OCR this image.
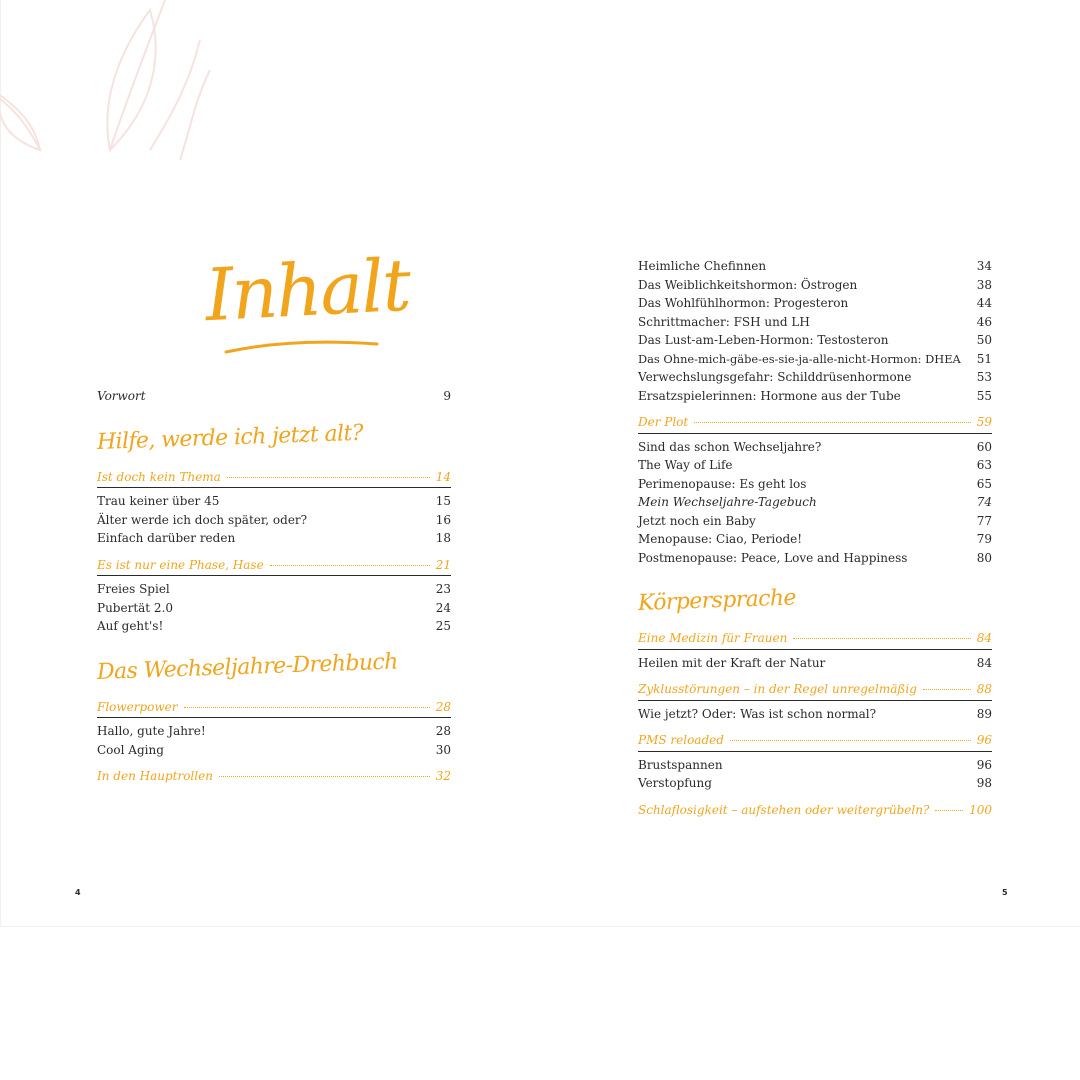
Inhalt
Vorwort	9
Hilfe, werde ich jetzt alt?
Ist doch kein Thema	14
Trau keiner über 45	15
Älter werde ich doch später, oder?	16
Einfach darüber reden	18
Es ist nur eine Phase, Hase	21
Freies Spiel	23
Pubertät 2.0	24
Auf geht's!	25
Das Wechseljahre-Drehbuch
Flowerpower	28
Hallo, gute Jahre!	28
Cool Aging	30
In den Hauptrollen	32
Heimliche Chefinnen	34
Das Weiblichkeitshormon: Östrogen	38
Das Wohlfühlhormon: Progesteron	44
Schrittmacher: FSH und LH	46
Das Lust-am-Leben-Hormon: Testosteron	50
Das Ohne-mich-gäbe-es-sie-ja-alle-nicht-Hormon: DHEA 51
Verwechslungsgefahr: Schilddrüsenhormone	53
Ersatzspielerinnen: Hormone aus der Tube	55
Der Plot	59
Sind das schon Wechseljahre?	60
The Way of Life	63
Perimenopause: Es geht los	65
Mein Wechseljahre-Tagebuch	74
Jetzt noch ein Baby	77
Menopause: Ciao, Periode!	79
Postmenopause: Peace, Love and Happiness	80
Körpersprache
Eine Medizin für Frauen	84
Heilen mit der Kraft der Natur	84
Zyklusstörungen – in der Regel unregelmäßig	88
Wie jetzt? Oder: Was ist schon normal?	89
PMS reloaded	96
Brustspannen	96
Verstopfung	98
Schlaflosigkeit – aufstehen oder weitergrübeln?	100
4	5
